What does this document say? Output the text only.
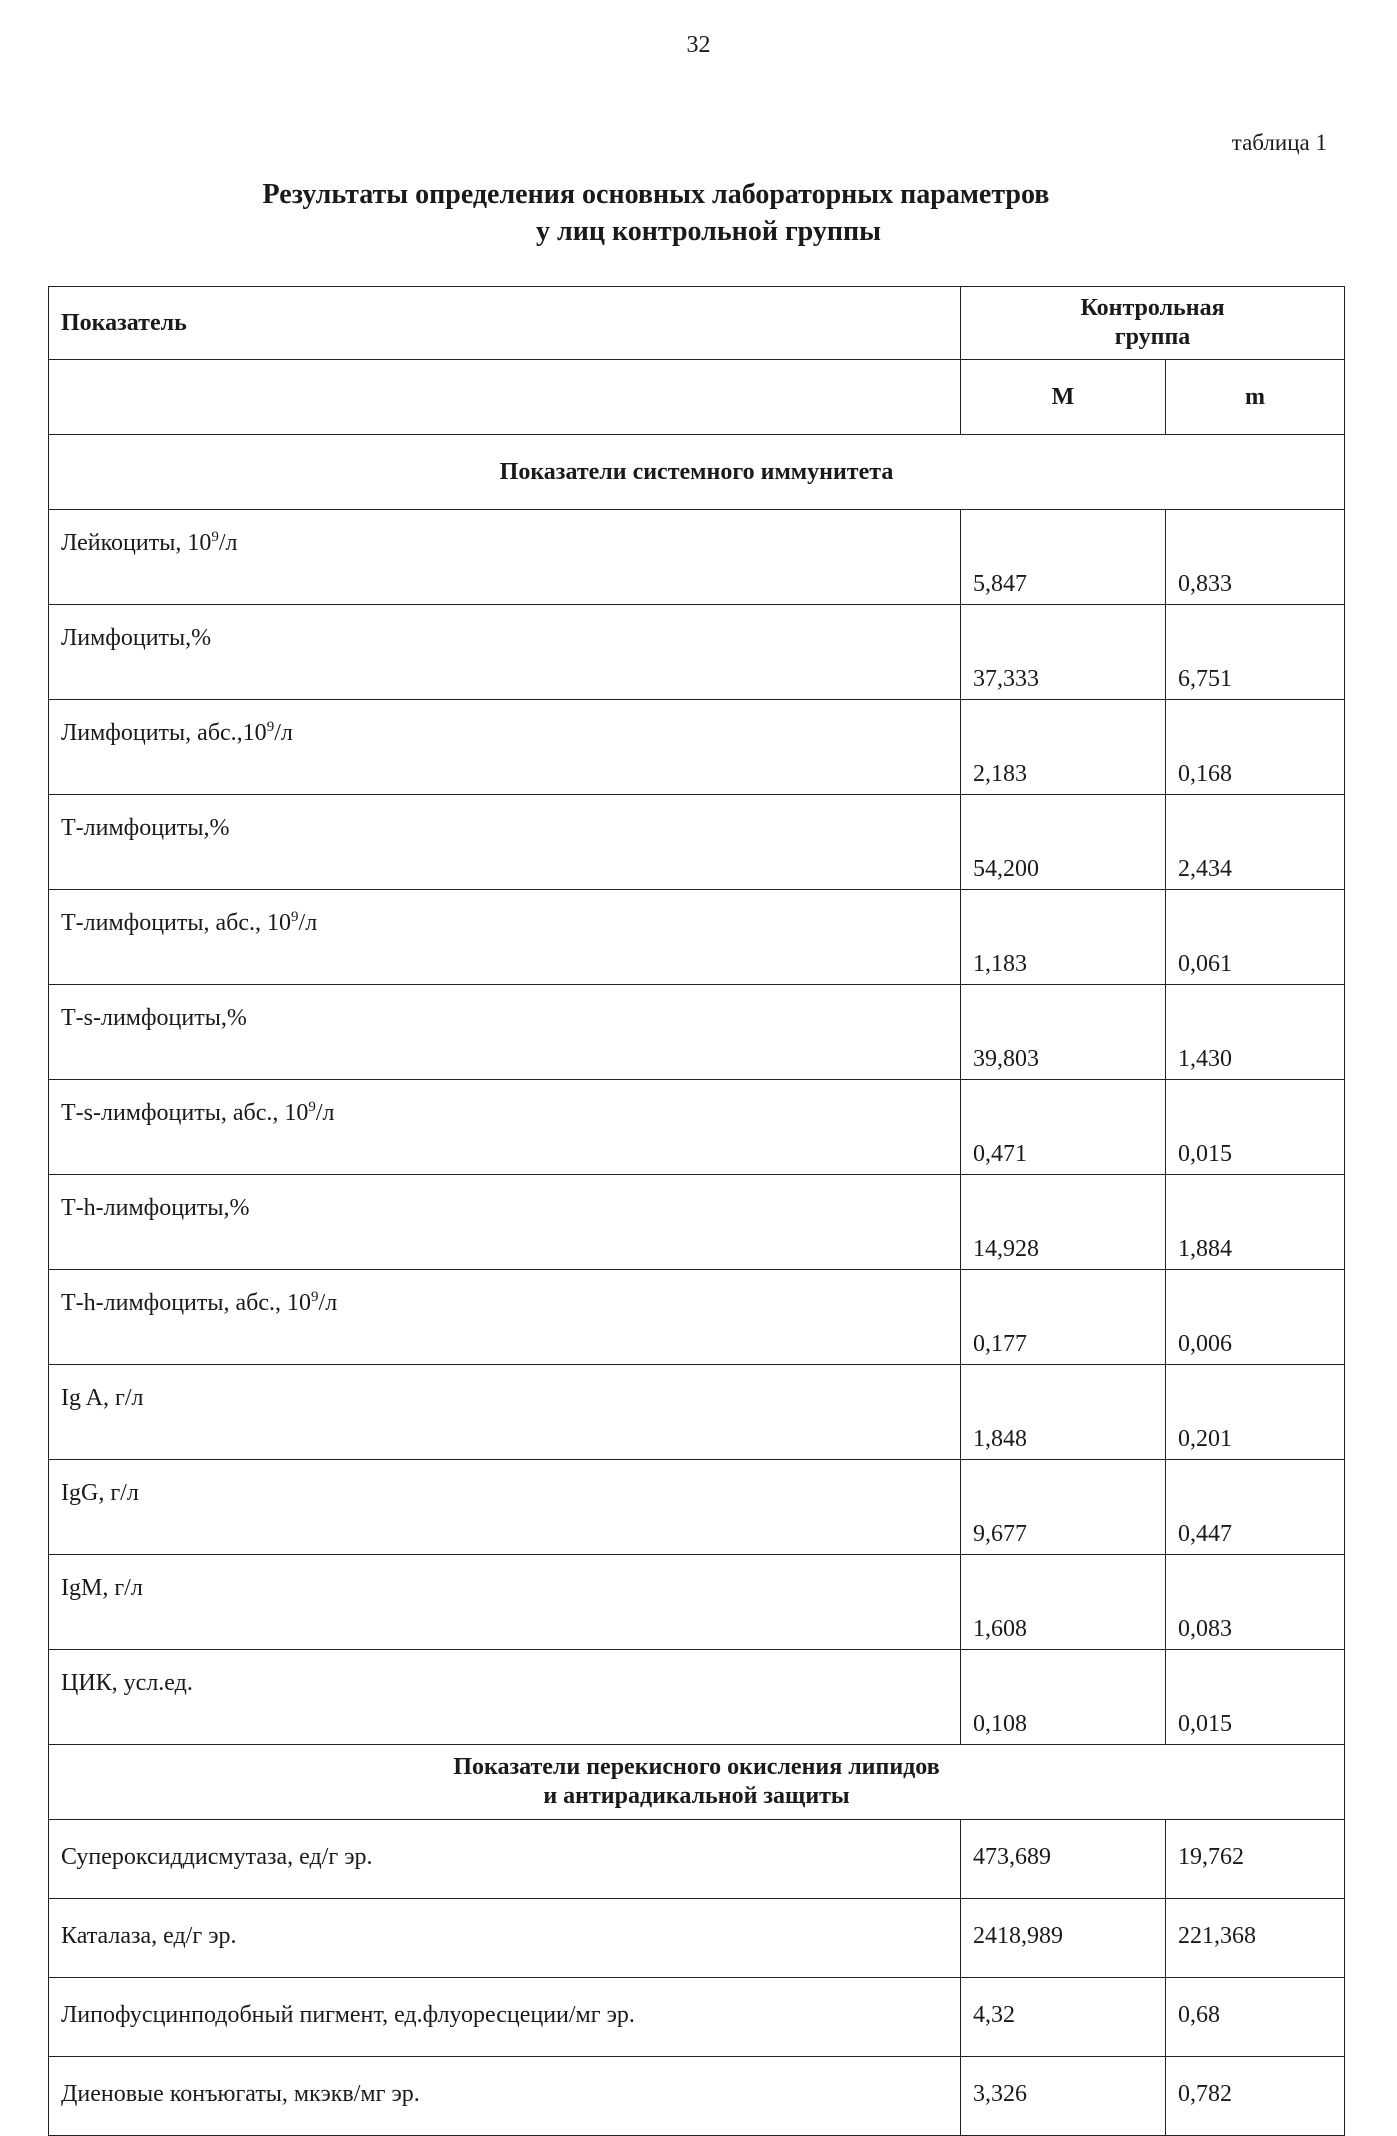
32
таблица 1
Результаты определения основных лабораторных параметров
у лиц контрольной группы
Показатель	Контрольная
группа	
	M	m
Показатели системного иммунитета		
Лейкоциты, $10^9/л$	5,847	0,833
Лимфоциты,%	37,333	6,751
Лимфоциты, абс.,10$^9$/л	2,183	0,168
Т-лимфоциты,%	54,200	2,434
Т-лимфоциты, абс., $10^9/л$	1,183	0,061
Т-s-лимфоциты,%	39,803	1,430
Т-s-лимфоциты, абс., $10^9/л$	0,471	0,015
Т-h-лимфоциты,%	14,928	1,884
Т-h-лимфоциты, абс., $10^9/л$	0,177	0,006
Ig A, г/л	1,848	0,201
IgG, г/л	9,677	0,447
IgM, г/л	1,608	0,083
ЦИК, усл.ед.	0,108	0,015
Показатели перекисного окисления липидов
и антирадикальной защиты		
Супероксиддисмутаза, ед/г эр.	473,689	19,762
Каталаза, ед/г эр.	2418,989	221,368
Липофусцинподобный пигмент, ед.флуоресцеции/мг эр.	4,32	0,68
Диеновые конъюгаты, мкэкв/мг эр.	3,326	0,782
